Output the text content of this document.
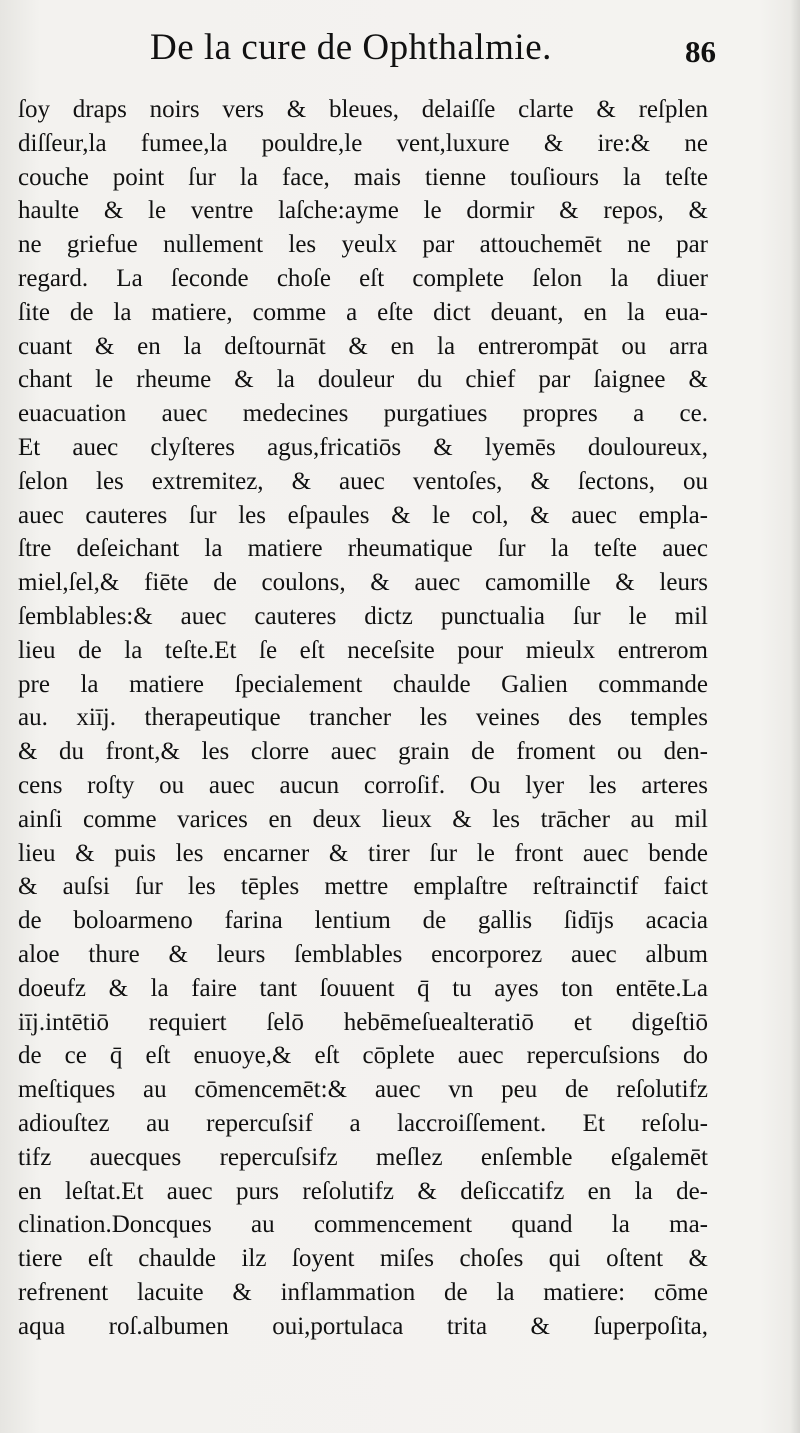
De la cure de Ophthalmie.	86
ſoy draps noirs vers & bleues, delaiſſe clarte & reſplen
diſſeur,la fumee,la pouldre,le vent,luxure & ire:& ne
couche point ſur la face, mais tienne touſiours la teſte
haulte & le ventre laſche:ayme le dormir & repos, &
ne griefue nullement les yeulx par attouchemēt ne par
regard. La ſeconde choſe eſt complete ſelon la diuer
ſite de la matiere, comme a eſte dict deuant, en la eua-
cuant & en la deſtournāt & en la entrerompāt ou arra
chant le rheume & la douleur du chief par ſaignee &
euacuation auec medecines purgatiues propres a ce.
Et auec clyſteres agus,fricatiōs & lyemēs douloureux,
ſelon les extremitez, & auec ventoſes, & ſectons, ou
auec cauteres ſur les eſpaules & le col, & auec empla-
ſtre deſeichant la matiere rheumatique ſur la teſte auec
miel,ſel,& fiēte de coulons, & auec camomille & leurs
ſemblables:& auec cauteres dictz punctualia ſur le mil
lieu de la teſte.Et ſe eſt neceſsite pour mieulx entrerom
pre la matiere ſpecialement chaulde Galien commande
au. xiīj. therapeutique trancher les veines des temples
& du front,& les clorre auec grain de froment ou den-
cens roſty ou auec aucun corroſif. Ou lyer les arteres
ainſi comme varices en deux lieux & les trācher au mil
lieu & puis les encarner & tirer ſur le front auec bende
& auſsi ſur les tēples mettre emplaſtre reſtrainctif faict
de boloarmeno farina lentium de gallis ſidījs acacia
aloe thure & leurs ſemblables encorporez auec album
doeufz & la faire tant ſouuent q̄ tu ayes ton entēte.La
iīj.intētiō requiert ſelō hebēmeſuealteratiō et digeſtiō
de ce q̄ eſt enuoye,& eſt cōplete auec repercuſsions do
meſtiques au cōmencemēt:& auec vn peu de reſolutifz
adiouſtez au repercuſsif a laccroiſſement. Et reſolu-
tifz auecques repercuſsifz meſlez enſemble eſgalemēt
en leſtat.Et auec purs reſolutifz & deſiccatifz en la de-
clination.Doncques au commencement quand la ma-
tiere eſt chaulde ilz ſoyent miſes choſes qui oſtent &
refrenent lacuite & inflammation de la matiere: cōme
aqua roſ.albumen oui,portulaca trita & ſuperpoſita,
